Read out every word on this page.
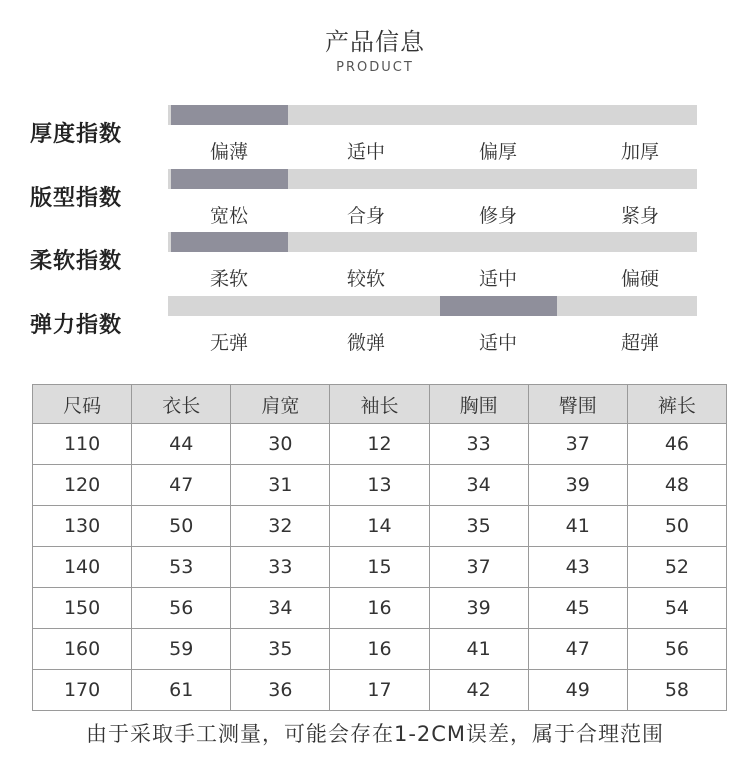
产品信息
PRODUCT
厚度指数
偏薄	适中	偏厚	加厚
版型指数
宽松	合身	修身	紧身
柔软指数
柔软	较软	适中	偏硬
弹力指数
无弹	微弹	适中	超弹
尺码	衣长	肩宽	袖长	胸围	臀围	裤长
110	44	30	12	33	37	46
120	47	31	13	34	39	48
130	50	32	14	35	41	50
140	53	33	15	37	43	52
150	56	34	16	39	45	54
160	59	35	16	41	47	56
170	61	36	17	42	49	58
由于采取手工测量，可能会存在1-2CM误差，属于合理范围
